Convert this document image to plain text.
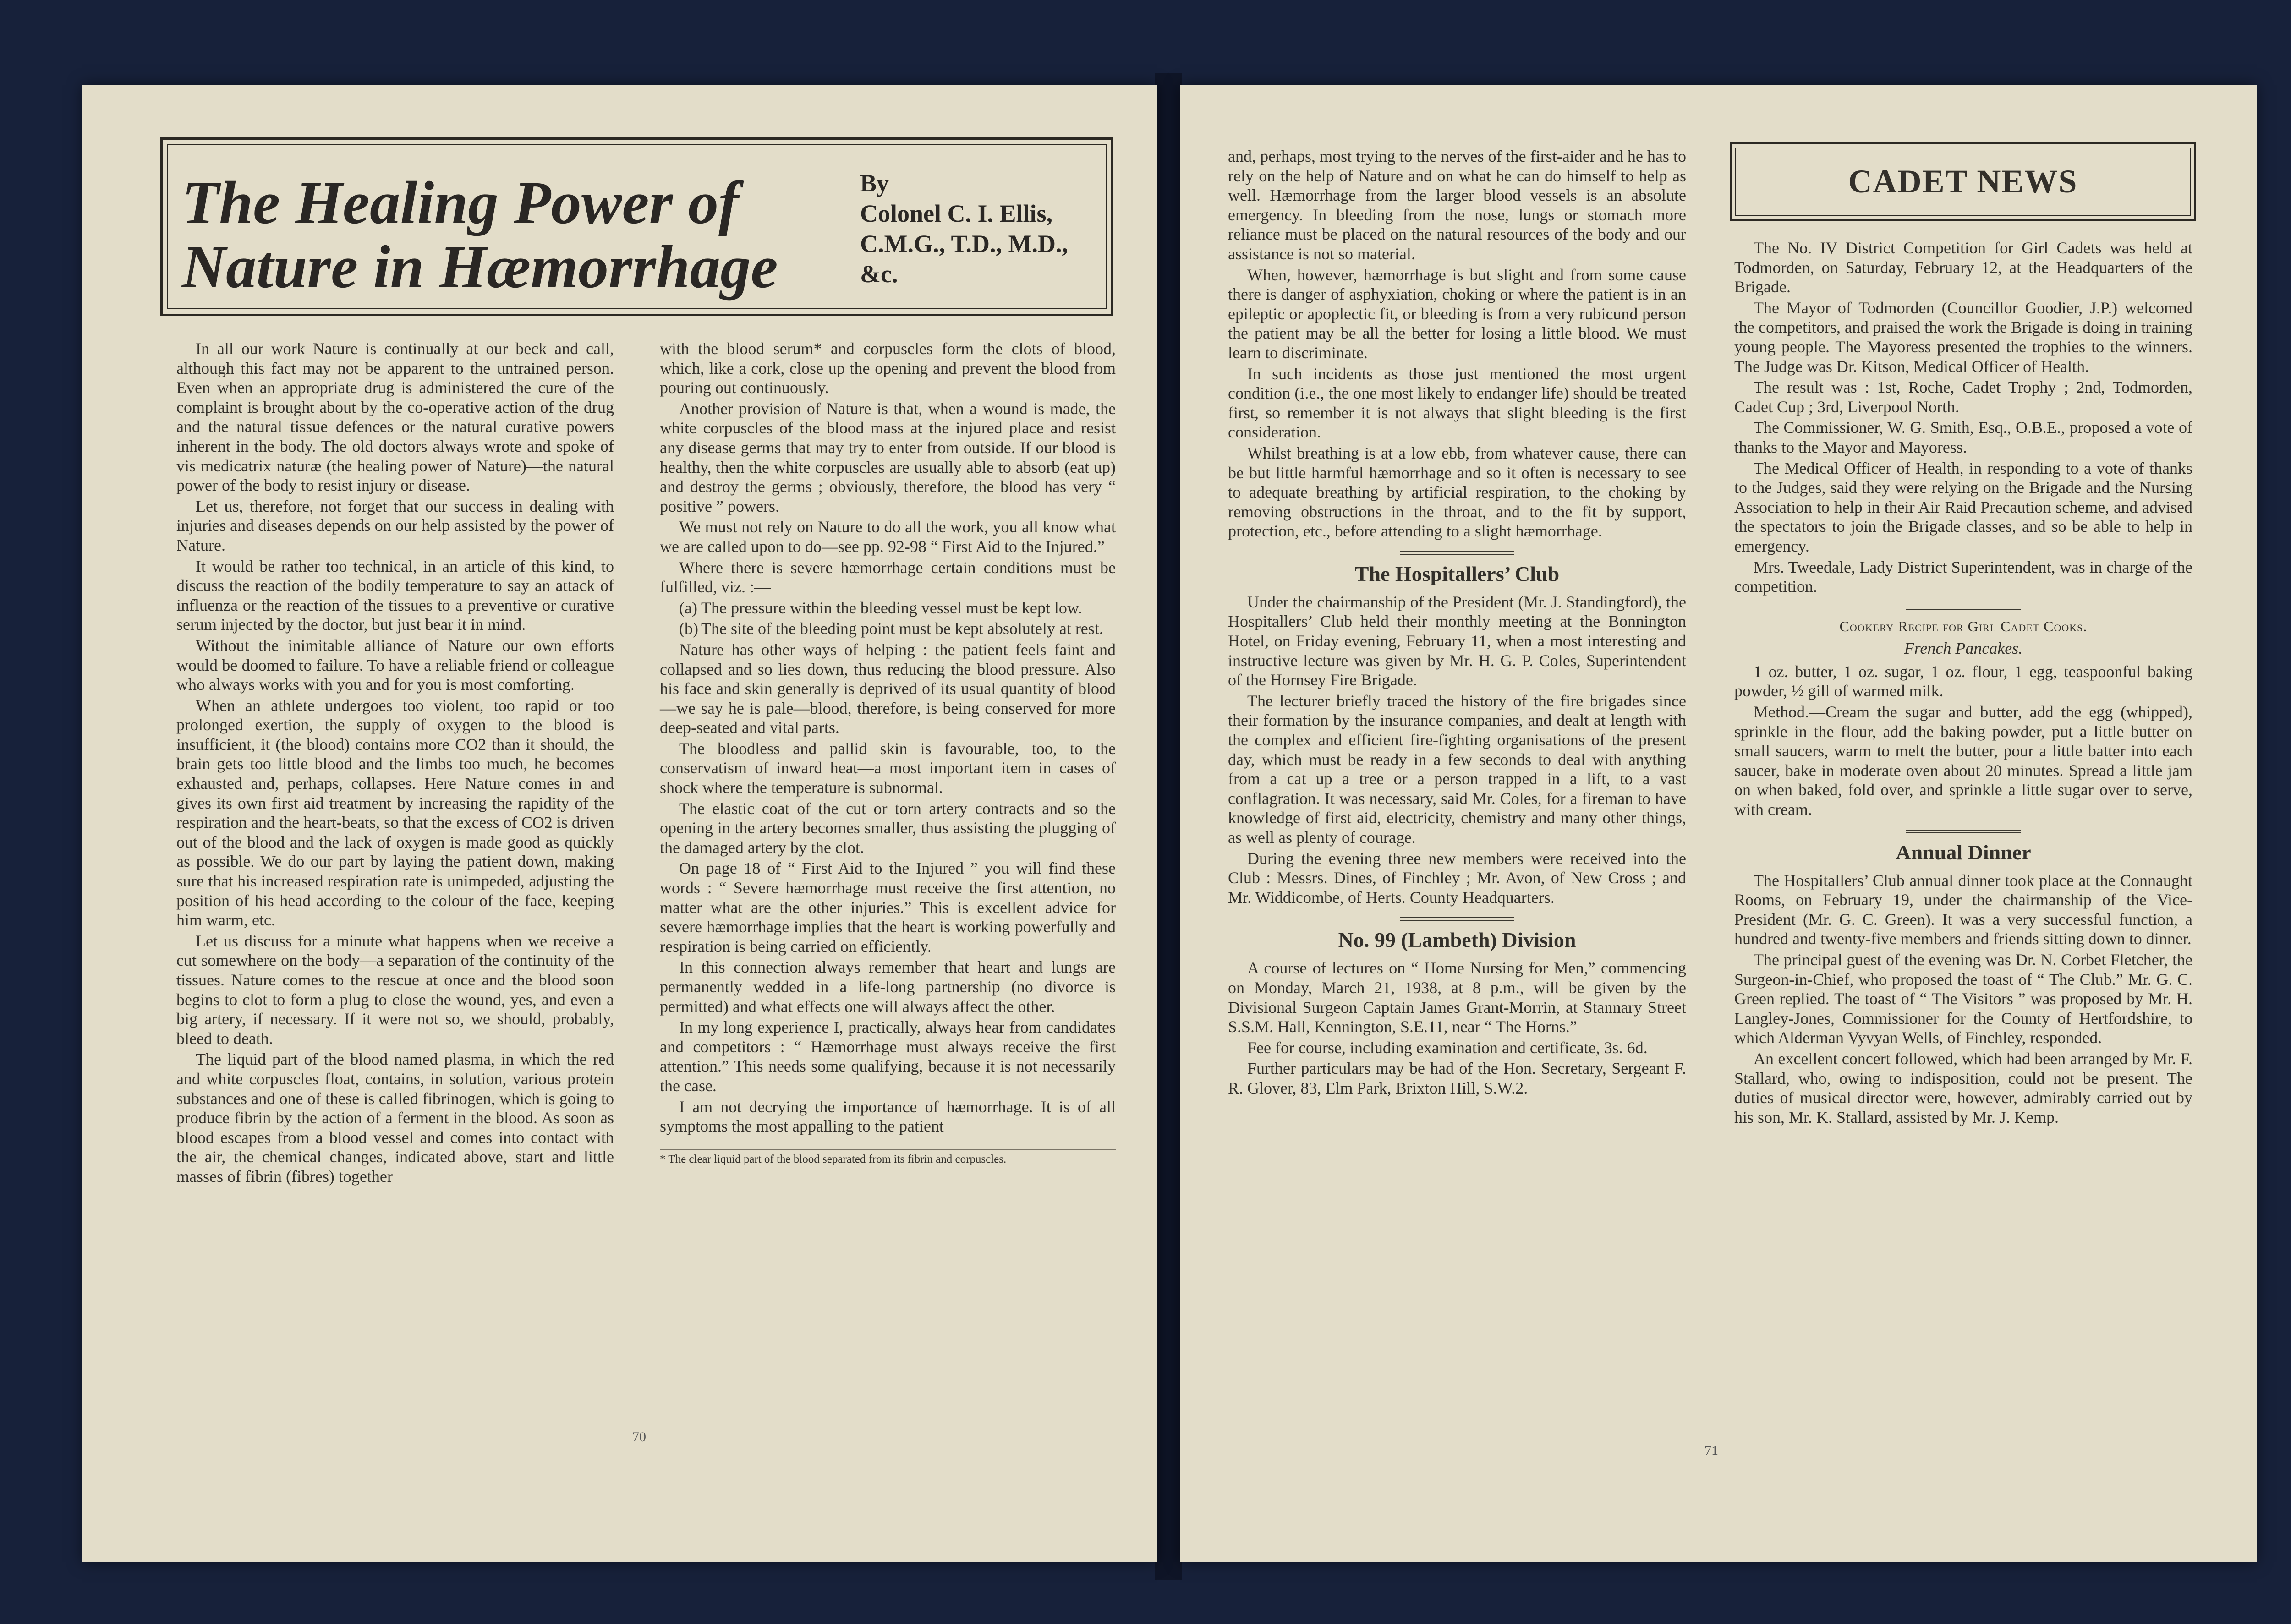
The Healing Power of Nature in Hæmorrhage
By
Colonel C. I. Ellis,
C.M.G., T.D., M.D.,
&c.

In all our work Nature is continually at our beck and call, although this fact may not be apparent to the untrained person. Even when an appropriate drug is administered the cure of the complaint is brought about by the co-operative action of the drug and the natural tissue defences or the natural curative powers inherent in the body. The old doctors always wrote and spoke of vis medicatrix naturæ (the healing power of Nature)—the natural power of the body to resist injury or disease.

Let us, therefore, not forget that our success in dealing with injuries and diseases depends on our help assisted by the power of Nature.

It would be rather too technical, in an article of this kind, to discuss the reaction of the bodily temperature to say an attack of influenza or the reaction of the tissues to a preventive or curative serum injected by the doctor, but just bear it in mind.

Without the inimitable alliance of Nature our own efforts would be doomed to failure. To have a reliable friend or colleague who always works with you and for you is most comforting.

When an athlete undergoes too violent, too rapid or too prolonged exertion, the supply of oxygen to the blood is insufficient, it (the blood) contains more CO2 than it should, the brain gets too little blood and the limbs too much, he becomes exhausted and, perhaps, collapses. Here Nature comes in and gives its own first aid treatment by increasing the rapidity of the respiration and the heart-beats, so that the excess of CO2 is driven out of the blood and the lack of oxygen is made good as quickly as possible. We do our part by laying the patient down, making sure that his increased respiration rate is unimpeded, adjusting the position of his head according to the colour of the face, keeping him warm, etc.

Let us discuss for a minute what happens when we receive a cut somewhere on the body—a separation of the continuity of the tissues. Nature comes to the rescue at once and the blood soon begins to clot to form a plug to close the wound, yes, and even a big artery, if necessary. If it were not so, we should, probably, bleed to death.

The liquid part of the blood named plasma, in which the red and white corpuscles float, contains, in solution, various protein substances and one of these is called fibrinogen, which is going to produce fibrin by the action of a ferment in the blood. As soon as blood escapes from a blood vessel and comes into contact with the air, the chemical changes, indicated above, start and little masses of fibrin (fibres) together

with the blood serum* and corpuscles form the clots of blood, which, like a cork, close up the opening and prevent the blood from pouring out continuously.

Another provision of Nature is that, when a wound is made, the white corpuscles of the blood mass at the injured place and resist any disease germs that may try to enter from outside. If our blood is healthy, then the white corpuscles are usually able to absorb (eat up) and destroy the germs ; obviously, therefore, the blood has very “ positive ” powers.

We must not rely on Nature to do all the work, you all know what we are called upon to do—see pp. 92-98 “ First Aid to the Injured.”

Where there is severe hæmorrhage certain conditions must be fulfilled, viz. :—

(a) The pressure within the bleeding vessel must be kept low.

(b) The site of the bleeding point must be kept absolutely at rest.

Nature has other ways of helping : the patient feels faint and collapsed and so lies down, thus reducing the blood pressure. Also his face and skin generally is deprived of its usual quantity of blood —we say he is pale—blood, therefore, is being conserved for more deep-seated and vital parts.

The bloodless and pallid skin is favourable, too, to the conservatism of inward heat—a most important item in cases of shock where the temperature is subnormal.

The elastic coat of the cut or torn artery contracts and so the opening in the artery becomes smaller, thus assisting the plugging of the damaged artery by the clot.

On page 18 of “ First Aid to the Injured ” you will find these words : “ Severe hæmorrhage must receive the first attention, no matter what are the other injuries.” This is excellent advice for severe hæmorrhage implies that the heart is working powerfully and respiration is being carried on efficiently.

In this connection always remember that heart and lungs are permanently wedded in a life-long partnership (no divorce is permitted) and what effects one will always affect the other.

In my long experience I, practically, always hear from candidates and competitors : “ Hæmorrhage must always receive the first attention.” This needs some qualifying, because it is not necessarily the case.

I am not decrying the importance of hæmorrhage. It is of all symptoms the most appalling to the patient

* The clear liquid part of the blood separated from its fibrin and corpuscles.
70

and, perhaps, most trying to the nerves of the first-aider and he has to rely on the help of Nature and on what he can do himself to help as well. Hæmorrhage from the larger blood vessels is an absolute emergency. In bleeding from the nose, lungs or stomach more reliance must be placed on the natural resources of the body and our assistance is not so material.

When, however, hæmorrhage is but slight and from some cause there is danger of asphyxiation, choking or where the patient is in an epileptic or apoplectic fit, or bleeding is from a very rubicund person the patient may be all the better for losing a little blood. We must learn to discriminate.

In such incidents as those just mentioned the most urgent condition (i.e., the one most likely to endanger life) should be treated first, so remember it is not always that slight bleeding is the first consideration.

Whilst breathing is at a low ebb, from whatever cause, there can be but little harmful hæmorrhage and so it often is necessary to see to adequate breathing by artificial respiration, to the choking by removing obstructions in the throat, and to the fit by support, protection, etc., before attending to a slight hæmorrhage.

The Hospitallers’ Club

Under the chairmanship of the President (Mr. J. Standingford), the Hospitallers’ Club held their monthly meeting at the Bonnington Hotel, on Friday evening, February 11, when a most interesting and instructive lecture was given by Mr. H. G. P. Coles, Superintendent of the Hornsey Fire Brigade.

The lecturer briefly traced the history of the fire brigades since their formation by the insurance companies, and dealt at length with the complex and efficient fire-fighting organisations of the present day, which must be ready in a few seconds to deal with anything from a cat up a tree or a person trapped in a lift, to a vast conflagration. It was necessary, said Mr. Coles, for a fireman to have knowledge of first aid, electricity, chemistry and many other things, as well as plenty of courage.

During the evening three new members were received into the Club : Messrs. Dines, of Finchley ; Mr. Avon, of New Cross ; and Mr. Widdicombe, of Herts. County Headquarters.

No. 99 (Lambeth) Division

A course of lectures on “ Home Nursing for Men,” commencing on Monday, March 21, 1938, at 8 p.m., will be given by the Divisional Surgeon Captain James Grant-Morrin, at Stannary Street S.S.M. Hall, Kennington, S.E.11, near “ The Horns.”

Fee for course, including examination and certificate, 3s. 6d.

Further particulars may be had of the Hon. Secretary, Sergeant F. R. Glover, 83, Elm Park, Brixton Hill, S.W.2.

CADET NEWS

The No. IV District Competition for Girl Cadets was held at Todmorden, on Saturday, February 12, at the Headquarters of the Brigade.

The Mayor of Todmorden (Councillor Goodier, J.P.) welcomed the competitors, and praised the work the Brigade is doing in training young people. The Mayoress presented the trophies to the winners. The Judge was Dr. Kitson, Medical Officer of Health.

The result was : 1st, Roche, Cadet Trophy ; 2nd, Todmorden, Cadet Cup ; 3rd, Liverpool North.

The Commissioner, W. G. Smith, Esq., O.B.E., proposed a vote of thanks to the Mayor and Mayoress.

The Medical Officer of Health, in responding to a vote of thanks to the Judges, said they were relying on the Brigade and the Nursing Association to help in their Air Raid Precaution scheme, and advised the spectators to join the Brigade classes, and so be able to help in emergency.

Mrs. Tweedale, Lady District Superintendent, was in charge of the competition.

Cookery Recipe for Girl Cadet Cooks.
French Pancakes.

1 oz. butter, 1 oz. sugar, 1 oz. flour, 1 egg, teaspoonful baking powder, ½ gill of warmed milk.

Method.—Cream the sugar and butter, add the egg (whipped), sprinkle in the flour, add the baking powder, put a little butter on small saucers, warm to melt the butter, pour a little batter into each saucer, bake in moderate oven about 20 minutes. Spread a little jam on when baked, fold over, and sprinkle a little sugar over to serve, with cream.

Annual Dinner

The Hospitallers’ Club annual dinner took place at the Connaught Rooms, on February 19, under the chairmanship of the Vice-President (Mr. G. C. Green). It was a very successful function, a hundred and twenty-five members and friends sitting down to dinner.

The principal guest of the evening was Dr. N. Corbet Fletcher, the Surgeon-in-Chief, who proposed the toast of “ The Club.” Mr. G. C. Green replied. The toast of “ The Visitors ” was proposed by Mr. H. Langley-Jones, Commissioner for the County of Hertfordshire, to which Alderman Vyvyan Wells, of Finchley, responded.

An excellent concert followed, which had been arranged by Mr. F. Stallard, who, owing to indisposition, could not be present. The duties of musical director were, however, admirably carried out by his son, Mr. K. Stallard, assisted by Mr. J. Kemp.

71
